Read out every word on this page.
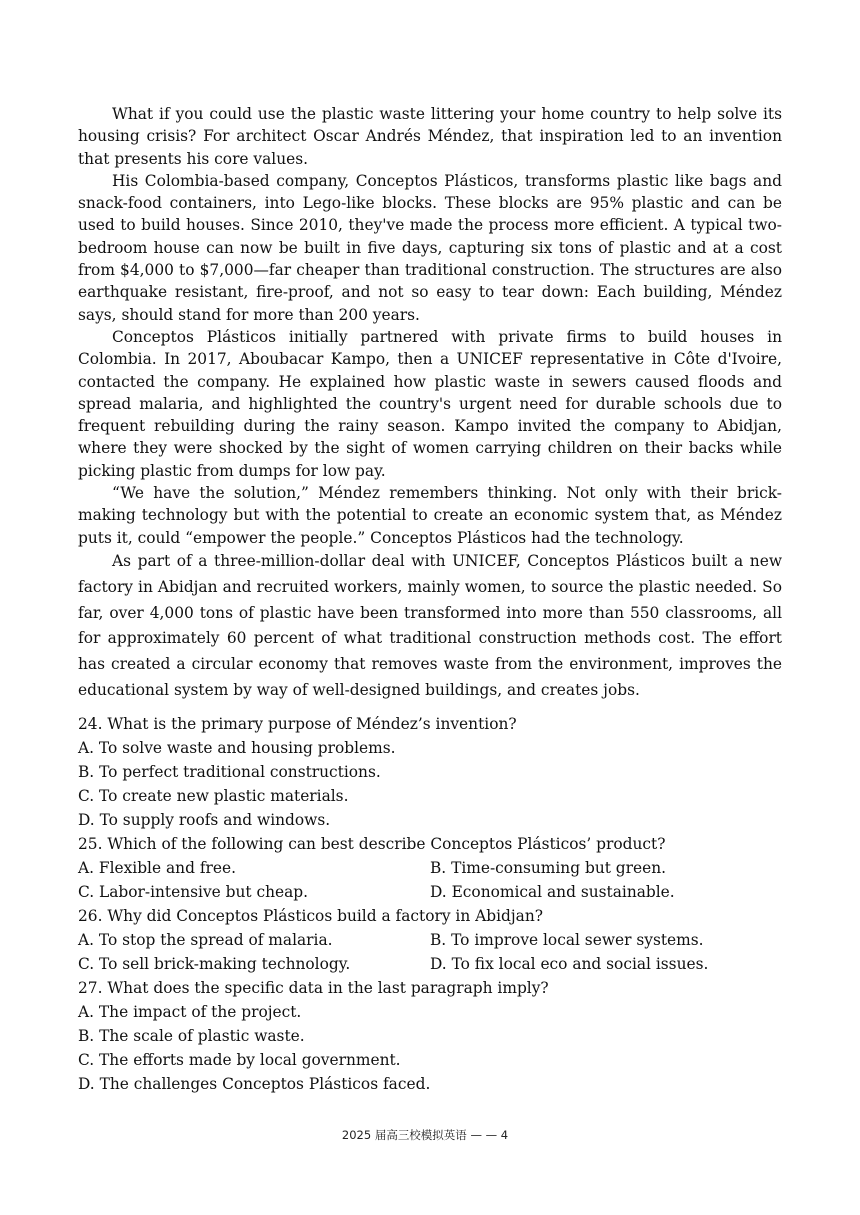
What if you could use the plastic waste littering your home country to help solve its housing crisis? For architect Oscar Andrés Méndez, that inspiration led to an invention that presents his core values.

His Colombia-based company, Conceptos Plásticos, transforms plastic like bags and snack-food containers, into Lego-like blocks. These blocks are 95% plastic and can be used to build houses. Since 2010, they've made the process more efficient. A typical two-bedroom house can now be built in five days, capturing six tons of plastic and at a cost from $4,000 to $7,000—far cheaper than traditional construction. The structures are also earthquake resistant, fire-proof, and not so easy to tear down: Each building, Méndez says, should stand for more than 200 years.

Conceptos Plásticos initially partnered with private firms to build houses in Colombia. In 2017, Aboubacar Kampo, then a UNICEF representative in Côte d'Ivoire, contacted the company. He explained how plastic waste in sewers caused floods and spread malaria, and highlighted the country's urgent need for durable schools due to frequent rebuilding during the rainy season. Kampo invited the company to Abidjan, where they were shocked by the sight of women carrying children on their backs while picking plastic from dumps for low pay.

“We have the solution,” Méndez remembers thinking. Not only with their brick-making technology but with the potential to create an economic system that, as Méndez puts it, could “empower the people.” Conceptos Plásticos had the technology.

As part of a three-million-dollar deal with UNICEF, Conceptos Plásticos built a new factory in Abidjan and recruited workers, mainly women, to source the plastic needed. So far, over 4,000 tons of plastic have been transformed into more than 550 classrooms, all for approximately 60 percent of what traditional construction methods cost. The effort has created a circular economy that removes waste from the environment, improves the educational system by way of well-designed buildings, and creates jobs.

24. What is the primary purpose of Méndez’s invention?

A. To solve waste and housing problems.

B. To perfect traditional constructions.

C. To create new plastic materials.

D. To supply roofs and windows.

25. Which of the following can best describe Conceptos Plásticos’ product?

A. Flexible and free.	B. Time-consuming but green.
C. Labor-intensive but cheap.	D. Economical and sustainable.

26. Why did Conceptos Plásticos build a factory in Abidjan?

A. To stop the spread of malaria.	B. To improve local sewer systems.
C. To sell brick-making technology.	D. To fix local eco and social issues.

27. What does the specific data in the last paragraph imply?

A. The impact of the project.

B. The scale of plastic waste.

C. The efforts made by local government.

D. The challenges Conceptos Plásticos faced.

2025 届高三校模拟英语 — — 4
